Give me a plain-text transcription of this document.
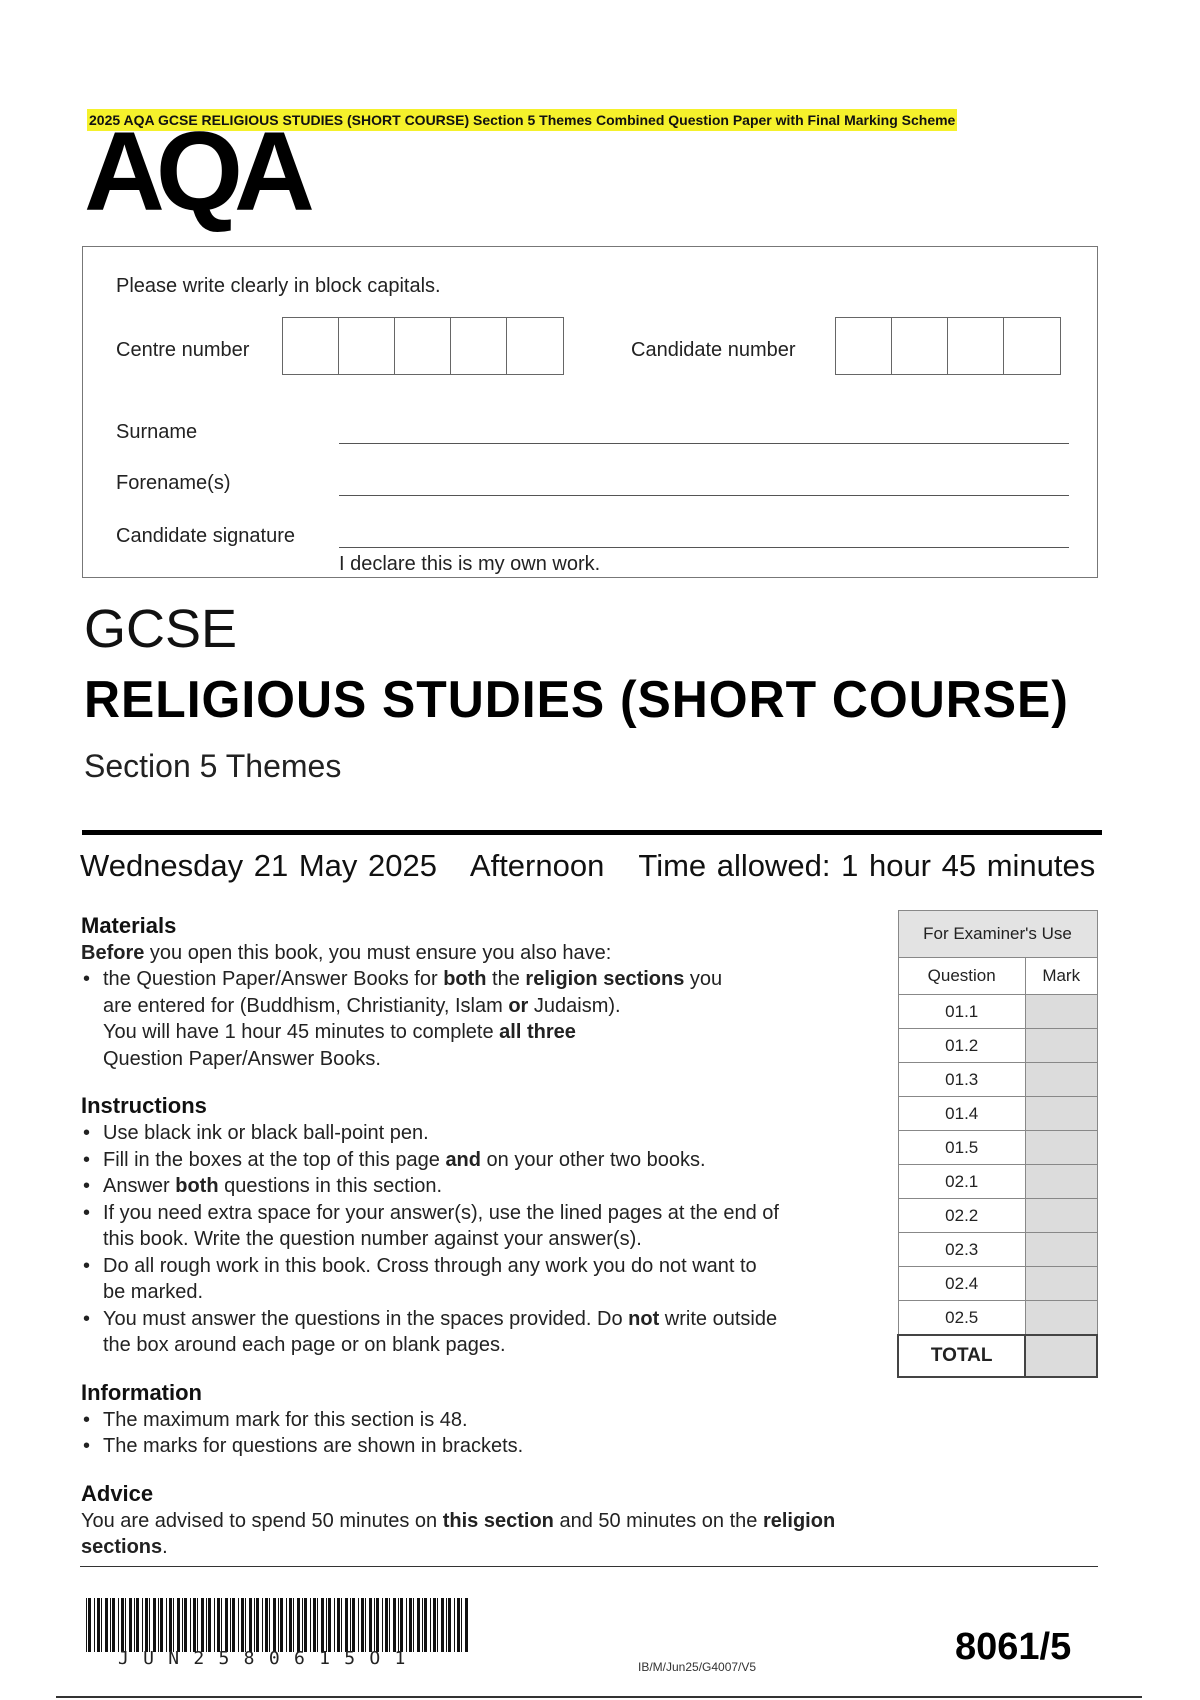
2025 AQA GCSE RELIGIOUS STUDIES (SHORT COURSE) Section 5 Themes Combined Question Paper with Final Marking Scheme
AQA
Please write clearly in block capitals.
Centre number	Candidate number
Surname
Forename(s)
Candidate signature
I declare this is my own work.
GCSE
RELIGIOUS STUDIES (SHORT COURSE)
Section 5 Themes
Wednesday 21 May 2025 Afternoon Time allowed: 1 hour 45 minutes
Materials

Before you open this book, you must ensure you also have:

• the Question Paper/Answer Books for both the religion sections you
are entered for (Buddhism, Christianity, Islam or Judaism).
You will have 1 hour 45 minutes to complete all three
Question Paper/Answer Books.
Instructions
• Use black ink or black ball-point pen.
• Fill in the boxes at the top of this page and on your other two books.
• Answer both questions in this section.
• If you need extra space for your answer(s), use the lined pages at the end of
this book. Write the question number against your answer(s).
• Do all rough work in this book. Cross through any work you do not want to
be marked.
• You must answer the questions in the spaces provided. Do not write outside
the box around each page or on blank pages.
Information
• The maximum mark for this section is 48.
• The marks for questions are shown in brackets.
Advice

You are advised to spend 50 minutes on this section and 50 minutes on the religion sections.

For Examiner's Use	
Question	Mark
01.1	
01.2	
01.3	
01.4	
01.5	
02.1	
02.2	
02.3	
02.4	
02.5	
TOTAL	
JUN2580615O1	IB/M/Jun25/G4007/V5	8061/5
